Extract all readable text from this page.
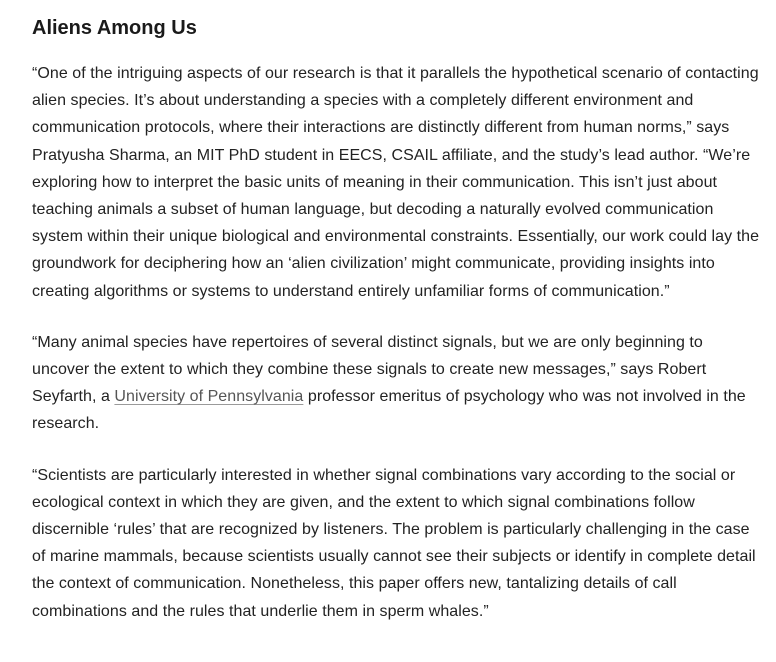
Aliens Among Us

“One of the intriguing aspects of our research is that it parallels the hypothetical scenario of contacting alien species. It’s about understanding a species with a completely different environment and communication protocols, where their interactions are distinctly different from human norms,” says Pratyusha Sharma, an MIT PhD student in EECS, CSAIL affiliate, and the study’s lead author. “We’re exploring how to interpret the basic units of meaning in their communication. This isn’t just about teaching animals a subset of human language, but decoding a naturally evolved communication system within their unique biological and environmental constraints. Essentially, our work could lay the groundwork for deciphering how an ‘alien civilization’ might communicate, providing insights into creating algorithms or systems to understand entirely unfamiliar forms of communication.”

“Many animal species have repertoires of several distinct signals, but we are only beginning to uncover the extent to which they combine these signals to create new messages,” says Robert Seyfarth, a University of Pennsylvania professor emeritus of psychology who was not involved in the research.

“Scientists are particularly interested in whether signal combinations vary according to the social or ecological context in which they are given, and the extent to which signal combinations follow discernible ‘rules’ that are recognized by listeners. The problem is particularly challenging in the case of marine mammals, because scientists usually cannot see their subjects or identify in complete detail the context of communication. Nonetheless, this paper offers new, tantalizing details of call combinations and the rules that underlie them in sperm whales.”
